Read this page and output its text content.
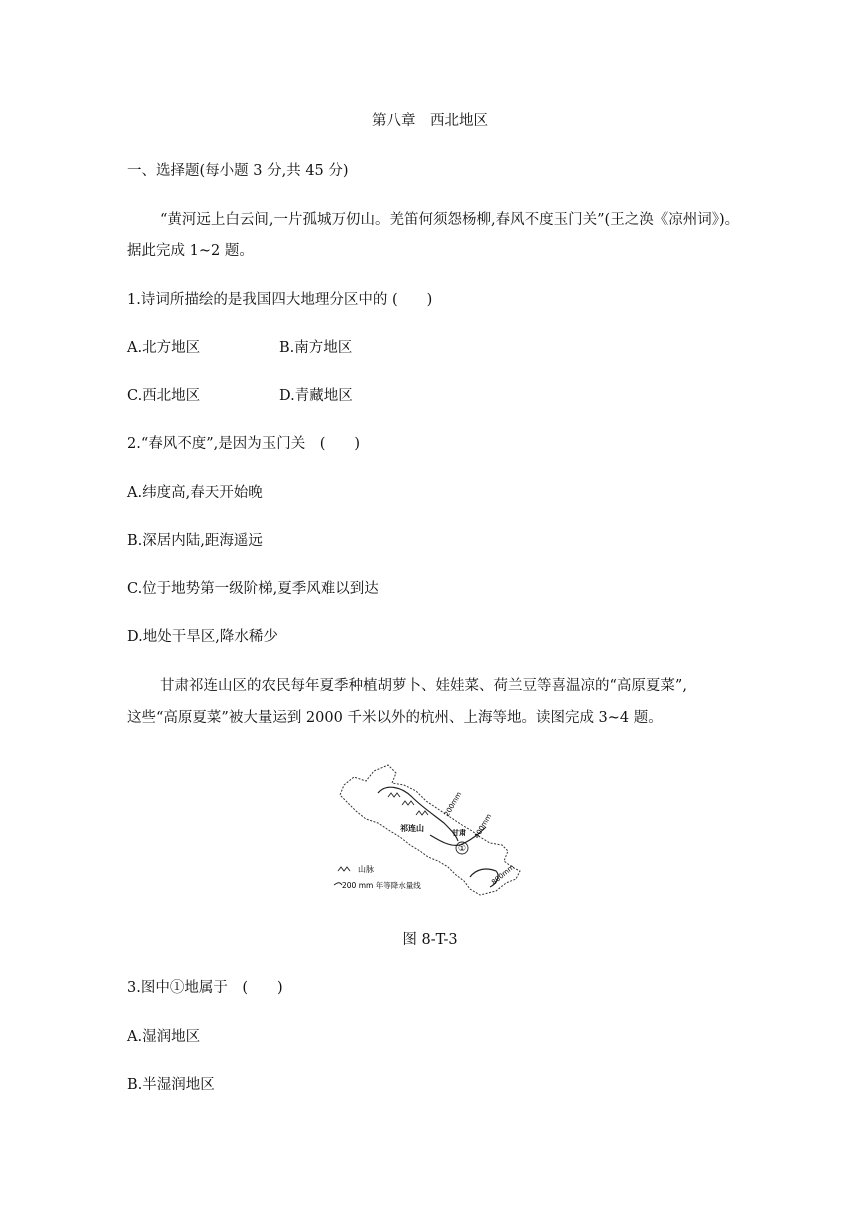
第八章　西北地区
一、选择题(每小题 3 分,共 45 分)
“黄河远上白云间,一片孤城万仞山。羌笛何须怨杨柳,春风不度玉门关”(王之涣《凉州词》)。
据此完成 1~2 题。
1.诗词所描绘的是我国四大地理分区中的 (　　)
A.北方地区	B.南方地区
C.西北地区	D.青藏地区
2.“春风不度”,是因为玉门关　(　　)
A.纬度高,春天开始晚
B.深居内陆,距海遥远
C.位于地势第一级阶梯,夏季风难以到达
D.地处干旱区,降水稀少
甘肃祁连山区的农民每年夏季种植胡萝卜、娃娃菜、荷兰豆等喜温凉的“高原夏菜”,
这些“高原夏菜”被大量运到 2000 千米以外的杭州、上海等地。读图完成 3~4 题。
①
200mm
400mm
800mm
祁连山	甘肃
山脉
200 mm 年等降水量线
图 8-T-3
3.图中①地属于　(　　)
A.湿润地区
B.半湿润地区
